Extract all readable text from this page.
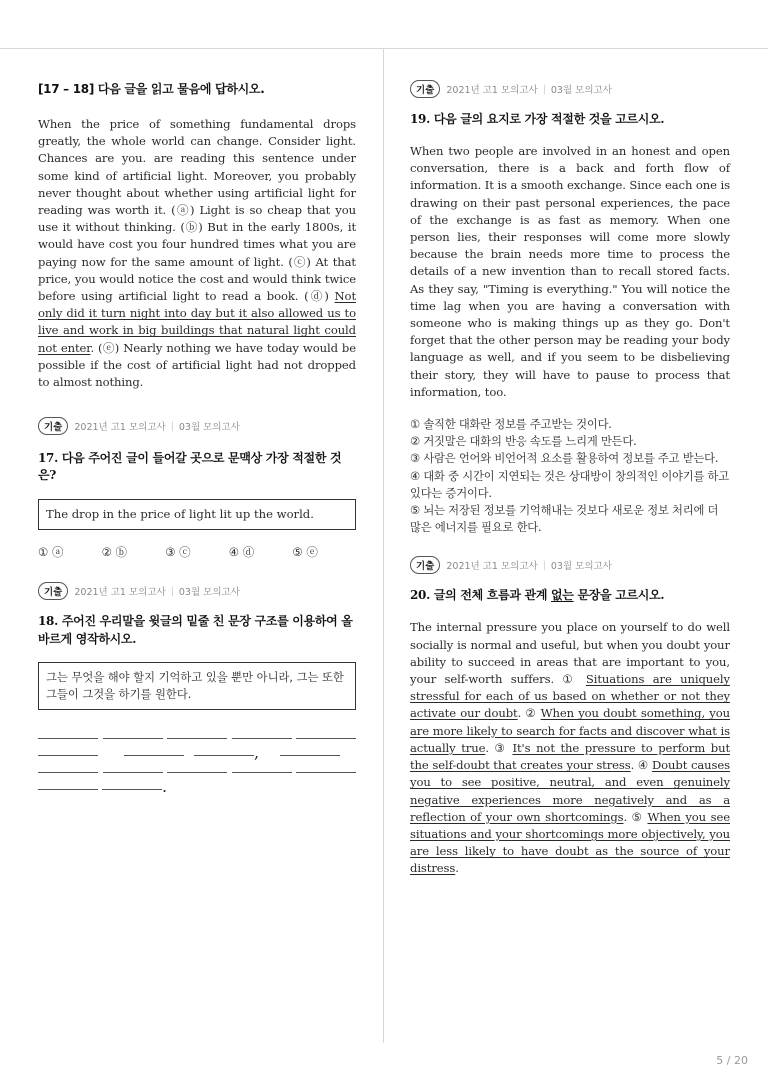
[17 – 18] 다음 글을 읽고 물음에 답하시오.

When the price of something fundamental drops greatly, the whole world can change. Consider light. Chances are you. are reading this sentence under some kind of artificial light. Moreover, you probably never thought about whether using artificial light for reading was worth it. (ⓐ) Light is so cheap that you use it without thinking. (ⓑ) But in the early 1800s, it would have cost you four hundred times what you are paying now for the same amount of light. (ⓒ) At that price, you would notice the cost and would think twice before using artificial light to read a book. (ⓓ) Not only did it turn night into day but it also allowed us to live and work in big buildings that natural light could not enter. (ⓔ) Nearly nothing we have today would be possible if the cost of artificial light had not dropped to almost nothing.

기출	2021년 고1 모의고사 | 03월 모의고사
17. 다음 주어진 글이 들어갈 곳으로 문맥상 가장 적절한 것은?
The drop in the price of light lit up the world.
① ⓐ	② ⓑ	③ ⓒ	④ ⓓ	⑤ ⓔ
기출	2021년 고1 모의고사 | 03월 모의고사
18. 주어진 우리말을 윗글의 밑줄 친 문장 구조를 이용하여 올바르게 영작하시오.
그는 무엇을 해야 할지 기억하고 있을 뿐만 아니라, 그는 또한 그들이 그것을 하기를 원한다.
,
.
기출	2021년 고1 모의고사 | 03월 모의고사
19. 다음 글의 요지로 가장 적절한 것을 고르시오.

When two people are involved in an honest and open conversation, there is a back and forth flow of information. It is a smooth exchange. Since each one is drawing on their past personal experiences, the pace of the exchange is as fast as memory. When one person lies, their responses will come more slowly because the brain needs more time to process the details of a new invention than to recall stored facts. As they say, "Timing is everything." You will notice the time lag when you are having a conversation with someone who is making things up as they go. Don't forget that the other person may be reading your body language as well, and if you seem to be disbelieving their story, they will have to pause to process that information, too.

① 솔직한 대화란 정보를 주고받는 것이다.

② 거짓말은 대화의 반응 속도를 느리게 만든다.

③ 사람은 언어와 비언어적 요소를 활용하여 정보를 주고 받는다.

④ 대화 중 시간이 지연되는 것은 상대방이 창의적인 이야기를 하고 있다는 증거이다.

⑤ 뇌는 저장된 정보를 기억해내는 것보다 새로운 정보 처리에 더 많은 에너지를 필요로 한다.

기출	2021년 고1 모의고사 | 03월 모의고사
20. 글의 전체 흐름과 관계 없는 문장을 고르시오.

The internal pressure you place on yourself to do well socially is normal and useful, but when you doubt your ability to succeed in areas that are important to you, your self-worth suffers. ① Situations are uniquely stressful for each of us based on whether or not they activate our doubt. ② When you doubt something, you are more likely to search for facts and discover what is actually true. ③ It's not the pressure to perform but the self-doubt that creates your stress. ④ Doubt causes you to see positive, neutral, and even genuinely negative experiences more negatively and as a reflection of your own shortcomings. ⑤ When you see situations and your shortcomings more objectively, you are less likely to have doubt as the source of your distress.

5 / 20
